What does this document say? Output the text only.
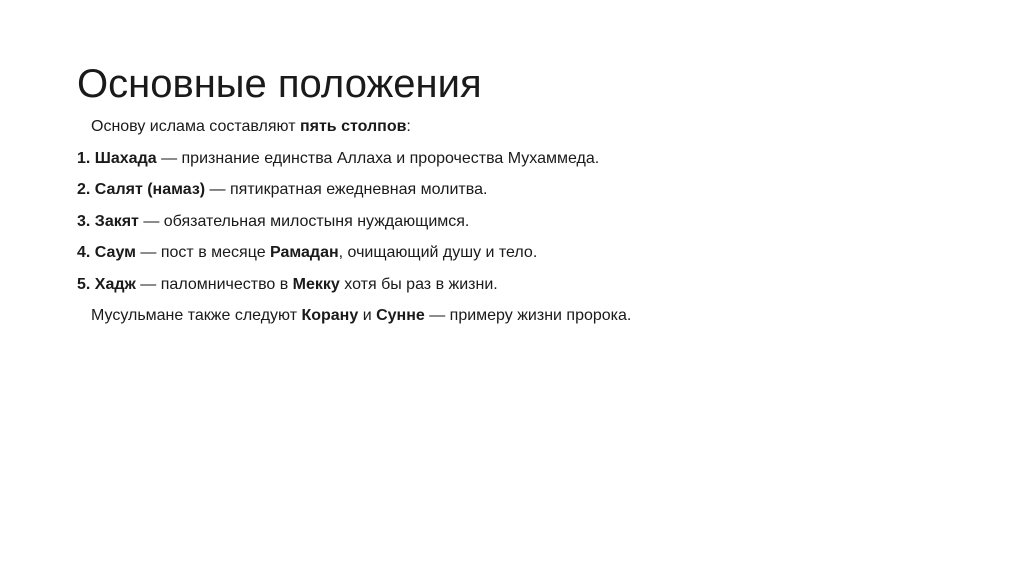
Основные положения
Основу ислама составляют пять столпов:
1. Шахада — признание единства Аллаха и пророчества Мухаммеда.
2. Салят (намаз) — пятикратная ежедневная молитва.
3. Закят — обязательная милостыня нуждающимся.
4. Саум — пост в месяце Рамадан, очищающий душу и тело.
5. Хадж — паломничество в Мекку хотя бы раз в жизни.
Мусульмане также следуют Корану и Сунне — примеру жизни пророка.
